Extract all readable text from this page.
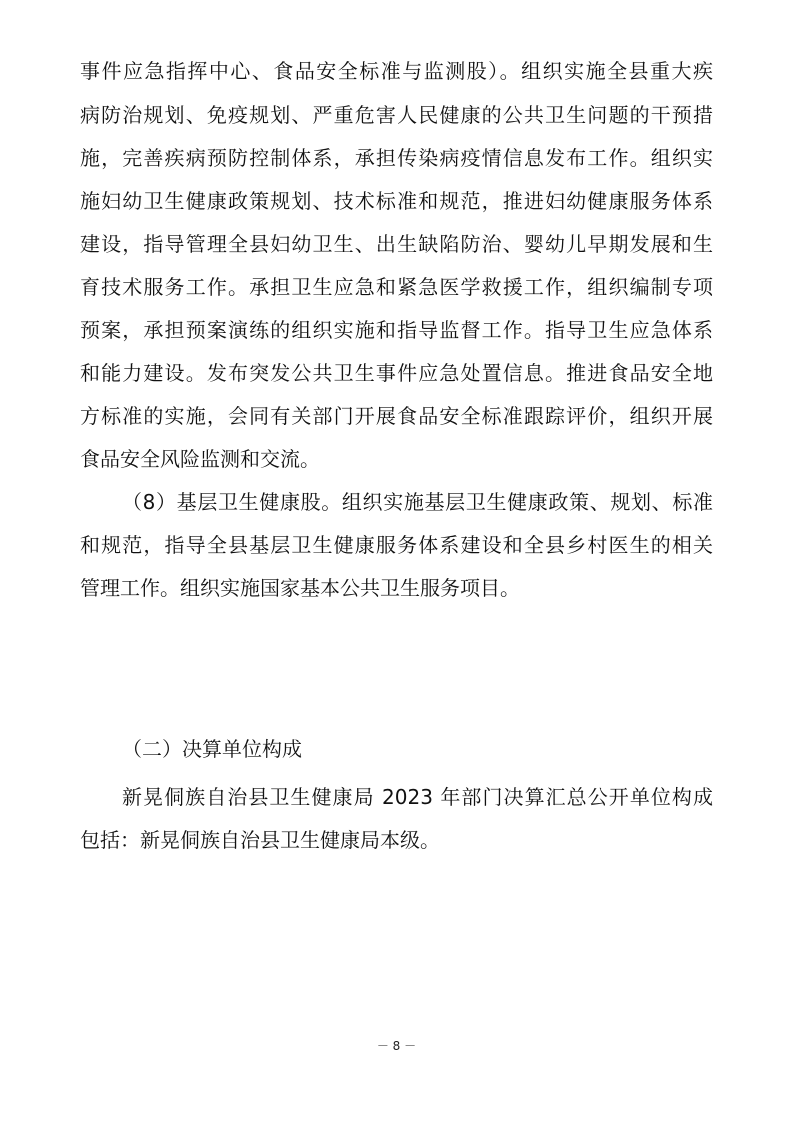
事件应急指挥中心、食品安全标准与监测股）。组织实施全县重大疾
病防治规划、免疫规划、严重危害人民健康的公共卫生问题的干预措
施，完善疾病预防控制体系，承担传染病疫情信息发布工作。组织实
施妇幼卫生健康政策规划、技术标准和规范，推进妇幼健康服务体系
建设，指导管理全县妇幼卫生、出生缺陷防治、婴幼儿早期发展和生
育技术服务工作。承担卫生应急和紧急医学救援工作，组织编制专项
预案，承担预案演练的组织实施和指导监督工作。指导卫生应急体系
和能力建设。发布突发公共卫生事件应急处置信息。推进食品安全地
方标准的实施，会同有关部门开展食品安全标准跟踪评价，组织开展
食品安全风险监测和交流。
（8）基层卫生健康股。组织实施基层卫生健康政策、规划、标准
和规范，指导全县基层卫生健康服务体系建设和全县乡村医生的相关
管理工作。组织实施国家基本公共卫生服务项目。
（二）决算单位构成
新晃侗族自治县卫生健康局 2023 年部门决算汇总公开单位构成
包括：新晃侗族自治县卫生健康局本级。
－ 8 －
